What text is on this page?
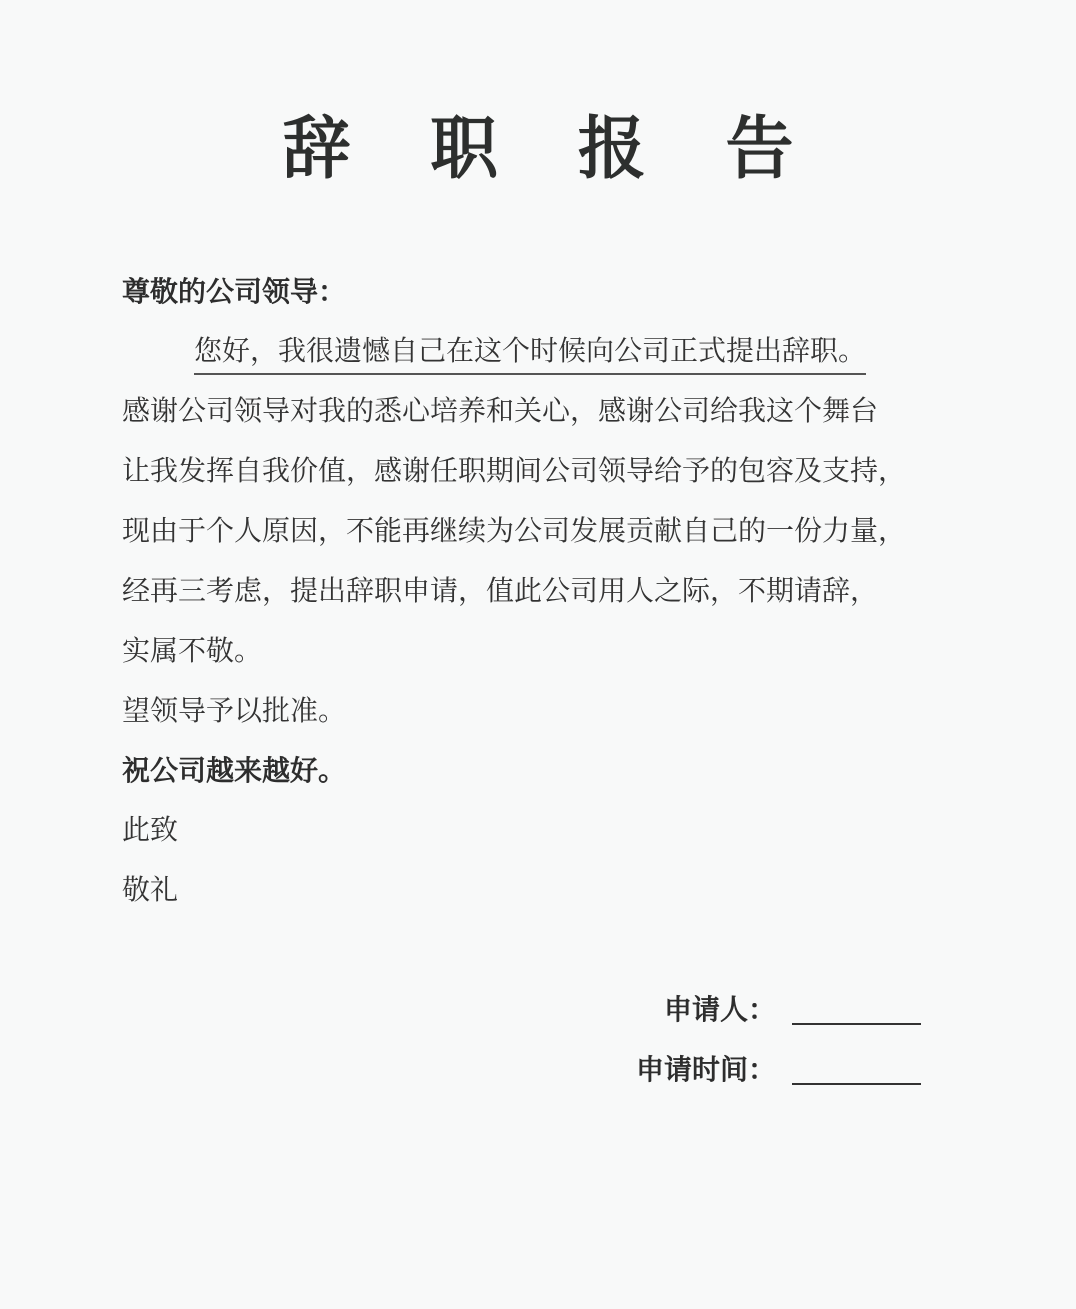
辞 职 报 告
尊敬的公司领导：
您好，我很遗憾自己在这个时候向公司正式提出辞职。
感谢公司领导对我的悉心培养和关心，感谢公司给我这个舞台
让我发挥自我价值，感谢任职期间公司领导给予的包容及支持，
现由于个人原因，不能再继续为公司发展贡献自己的一份力量，
经再三考虑，提出辞职申请，值此公司用人之际，不期请辞，
实属不敬。
望领导予以批准。
祝公司越来越好。
此致
敬礼
申请人：
申请时间：
